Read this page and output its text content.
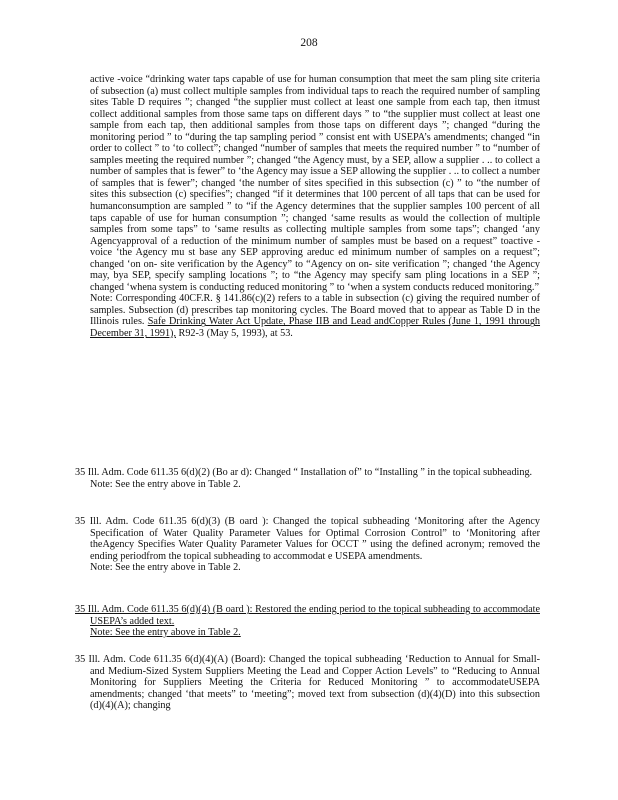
208

active -voice “drinking water taps capable of use for human consumption that meet the sam pling site criteria of subsection (a) must collect multiple samples from individual taps to reach the required number of sampling sites Table D requires ”; changed “the supplier must collect at least one sample from each tap, then itmust collect additional samples from those same taps on different days ” to “the supplier must collect at least one sample from each tap, then additional samples from those taps on different days ”; changed “during the monitoring period ” to “during the tap sampling period ” consist ent with USEPA’s amendments; changed “in order to collect ” to ‘to collect”; changed “number of samples that meets the required number ” to “number of samples meeting the required number ”; changed “the Agency must, by a SEP, allow a supplier . .. to collect a number of samples that is fewer” to ‘the Agency may issue a SEP allowing the supplier . .. to collect a number of samples that is fewer”; changed ‘the number of sites specified in this subsection (c) ” to “the number of sites this subsection (c) specifies”; changed “if it determines that 100 percent of all taps that can be used for humanconsumption are sampled ” to “if the Agency determines that the supplier samples 100 percent of all taps capable of use for human consumption ”; changed ‘same results as would the collection of multiple samples from some taps” to ‘same results as collecting multiple samples from some taps”; changed ‘any Agencyapproval of a reduction of the minimum number of samples must be based on a request” toactive -voice ‘the Agency mu st base any SEP approving areduc ed minimum number of samples on a request”; changed ‘on on- site verification by the Agency” to “Agency on on- site verification ”; changed ‘the Agency may, bya SEP, specify sampling locations ”; to “the Agency may specify sam pling locations in a SEP ”; changed ‘whena system is conducting reduced monitoring ” to ‘when a system conducts reduced monitoring.”

Note: Corresponding 40CF.R. § 141.86(c)(2) refers to a table in subsection (c) giving the required number of samples. Subsection (d) prescribes tap monitoring cycles. The Board moved that to appear as Table D in the Illinois rules. Safe Drinking Water Act Update, Phase IIB and Lead andCopper Rules (June 1, 1991 through December 31, 1991), R92-3 (May 5, 1993), at 53.

35 Ill. Adm. Code 611.35 6(d)(2) (Bo ar d): Changed “ Installation of” to “Installing ” in the topical subheading.

Note: See the entry above in Table 2.

35 Ill. Adm. Code 611.35 6(d)(3) (B oard ): Changed the topical subheading ‘Monitoring after the Agency Specification of Water Quality Parameter Values for Optimal Corrosion Control” to ‘Monitoring after theAgency Specifies Water Quality Parameter Values for OCCT ” using the defined acronym; removed the ending periodfrom the topical subheading to accommodat e USEPA amendments.

Note: See the entry above in Table 2.

35 Ill. Adm. Code 611.35 6(d)(4) (B oard ): Restored the ending period to the topical subheading to accommodate USEPA’s added text.

Note: See the entry above in Table 2.

35 Ill. Adm. Code 611.35 6(d)(4)(A) (Board): Changed the topical subheading ‘Reduction to Annual for Small- and Medium-Sized System Suppliers Meeting the Lead and Copper Action Levels” to “Reducing to Annual Monitoring for Suppliers Meeting the Criteria for Reduced Monitoring ” to accommodateUSEPA amendments; changed ‘that meets” to ‘meeting”; moved text from subsection (d)(4)(D) into this subsection (d)(4)(A); changing
